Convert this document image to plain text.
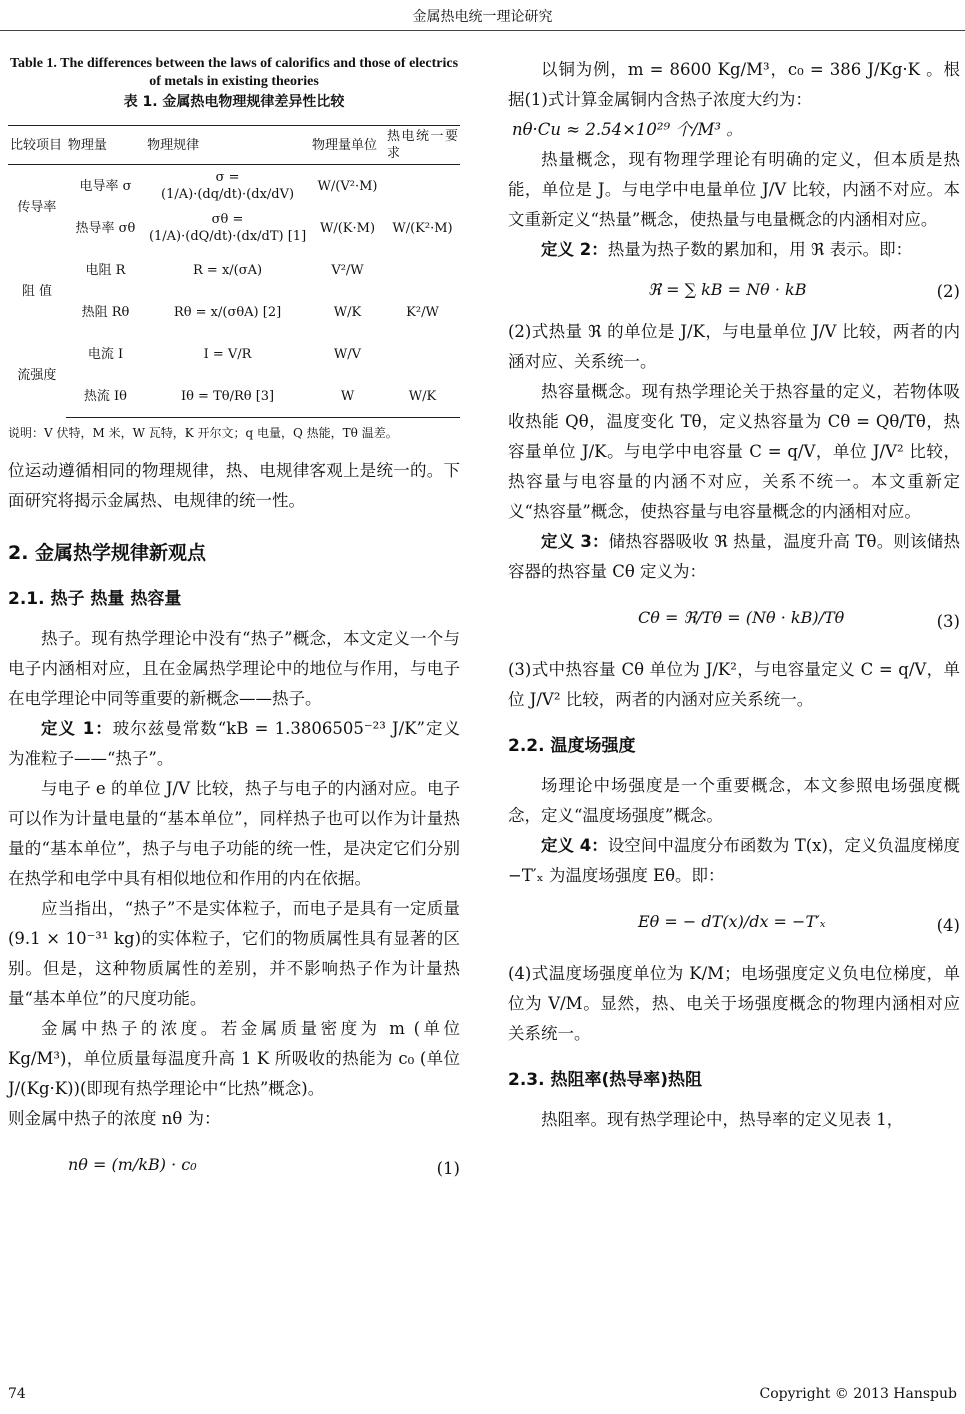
金属热电统一理论研究
Table 1. The differences between the laws of calorifics and those of electrics of metals in existing theories
表 1. 金属热电物理规律差异性比较
比较项目	物理量	物理规律	物理量单位	热电统一要求
传导率	电导率 σ	σ = (1/A)·(dq/dt)·(dx/dV)	W/(V²·M)	
	热导率 σθ	σθ = (1/A)·(dQ/dt)·(dx/dT) [1]	W/(K·M)	W/(K²·M)
阻 值	电阻 R	R = x/(σA)	V²/W	
	热阻 Rθ	Rθ = x/(σθA) [2]	W/K	K²/W
流强度	电流 I	I = V/R	W/V	
	热流 Iθ	Iθ = Tθ/Rθ [3]	W	W/K
说明：V 伏特，M 米，W 瓦特，K 开尔文；q 电量，Q 热能，Tθ 温差。

位运动遵循相同的物理规律，热、电规律客观上是统一的。下面研究将揭示金属热、电规律的统一性。

2. 金属热学规律新观点
2.1. 热子 热量 热容量

热子。现有热学理论中没有“热子”概念，本文定义一个与电子内涵相对应，且在金属热学理论中的地位与作用，与电子在电学理论中同等重要的新概念——热子。

定义 1：玻尔兹曼常数“kB = 1.3806505⁻²³ J/K”定义为准粒子——“热子”。

与电子 e 的单位 J/V 比较，热子与电子的内涵对应。电子可以作为计量电量的“基本单位”，同样热子也可以作为计量热量的“基本单位”，热子与电子功能的统一性，是决定它们分别在热学和电学中具有相似地位和作用的内在依据。

应当指出，“热子”不是实体粒子，而电子是具有一定质量(9.1 × 10⁻³¹ kg)的实体粒子，它们的物质属性具有显著的区别。但是，这种物质属性的差别，并不影响热子作为计量热量“基本单位”的尺度功能。

金属中热子的浓度。若金属质量密度为 m (单位 Kg/M³)，单位质量每温度升高 1 K 所吸收的热能为 c₀ (单位 J/(Kg·K))(即现有热学理论中“比热”概念)。

则金属中热子的浓度 nθ 为：

nθ = (m/kB) · c₀	(1)

以铜为例，m = 8600 Kg/M³，c₀ = 386 J/Kg·K 。根据(1)式计算金属铜内含热子浓度大约为：

nθ·Cu ≈ 2.54×10²⁹ 个/M³ 。

热量概念，现有物理学理论有明确的定义，但本质是热能，单位是 J。与电学中电量单位 J/V 比较，内涵不对应。本文重新定义“热量”概念，使热量与电量概念的内涵相对应。

定义 2：热量为热子数的累加和，用 ℜ 表示。即：

ℜ = ∑ kB = Nθ · kB	(2)

(2)式热量 ℜ 的单位是 J/K，与电量单位 J/V 比较，两者的内涵对应、关系统一。

热容量概念。现有热学理论关于热容量的定义，若物体吸收热能 Qθ，温度变化 Tθ，定义热容量为 Cθ = Qθ/Tθ，热容量单位 J/K。与电学中电容量 C = q/V，单位 J/V² 比较，热容量与电容量的内涵不对应，关系不统一。本文重新定义“热容量”概念，使热容量与电容量概念的内涵相对应。

定义 3：储热容器吸收 ℜ 热量，温度升高 Tθ。则该储热容器的热容量 Cθ 定义为：

Cθ = ℜ/Tθ = (Nθ · kB)/Tθ	(3)

(3)式中热容量 Cθ 单位为 J/K²，与电容量定义 C = q/V，单位 J/V² 比较，两者的内涵对应关系统一。

2.2. 温度场强度

场理论中场强度是一个重要概念，本文参照电场强度概念，定义“温度场强度”概念。

定义 4：设空间中温度分布函数为 T(x)，定义负温度梯度 −T′ₓ 为温度场强度 Eθ。即：

Eθ = − dT(x)/dx = −T′ₓ	(4)

(4)式温度场强度单位为 K/M；电场强度定义负电位梯度，单位为 V/M。显然，热、电关于场强度概念的物理内涵相对应关系统一。

2.3. 热阻率(热导率)热阻

热阻率。现有热学理论中，热导率的定义见表 1，

74	Copyright © 2013 Hanspub
